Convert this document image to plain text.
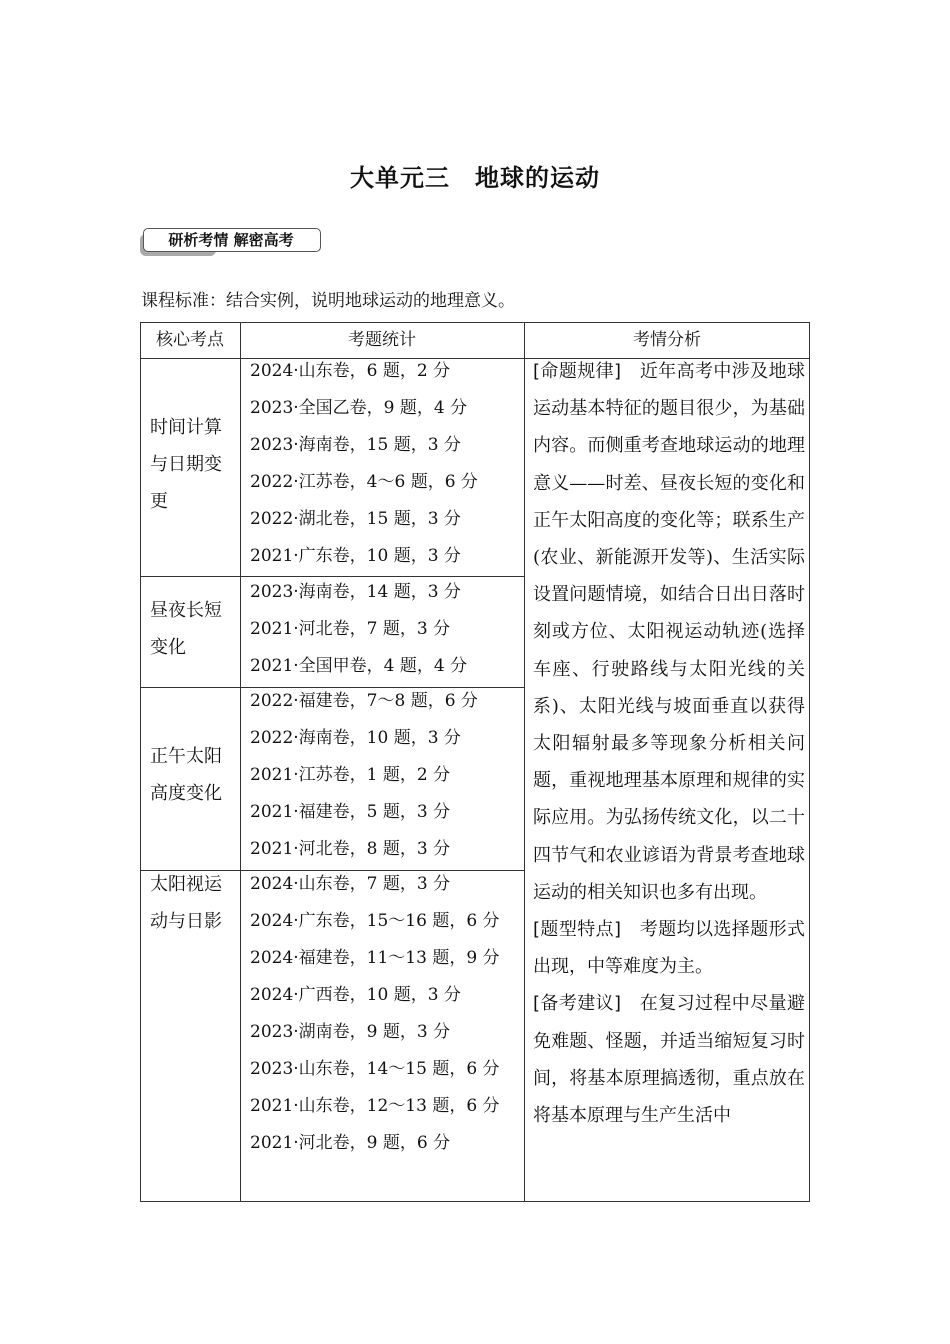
大单元三　地球的运动
研析考情 解密高考
课程标准：结合实例，说明地球运动的地理意义。
核心考点	考题统计	考情分析
时间计算与日期变更
2024·山东卷，6 题，2 分
2023·全国乙卷，9 题，4 分
2023·海南卷，15 题，3 分
2022·江苏卷，4～6 题，6 分
2022·湖北卷，15 题，3 分
2021·广东卷，10 题，3 分
昼夜长短变化
2023·海南卷，14 题，3 分
2021·河北卷，7 题，3 分
2021·全国甲卷，4 题，4 分
正午太阳高度变化
2022·福建卷，7～8 题，6 分
2022·海南卷，10 题，3 分
2021·江苏卷，1 题，2 分
2021·福建卷，5 题，3 分
2021·河北卷，8 题，3 分
太阳视运动与日影
2024·山东卷，7 题，3 分
2024·广东卷，15～16 题，6 分
2024·福建卷，11～13 题，9 分
2024·广西卷，10 题，3 分
2023·湖南卷，9 题，3 分
2023·山东卷，14～15 题，6 分
2021·山东卷，12～13 题，6 分
2021·河北卷，9 题，6 分
[命题规律]　近年高考中涉及地球运动基本特征的题目很少，为基础内容。而侧重考查地球运动的地理意义——时差、昼夜长短的变化和正午太阳高度的变化等；联系生产(农业、新能源开发等)、生活实际设置问题情境，如结合日出日落时刻或方位、太阳视运动轨迹(选择车座、行驶路线与太阳光线的关系)、太阳光线与坡面垂直以获得太阳辐射最多等现象分析相关问题，重视地理基本原理和规律的实际应用。为弘扬传统文化，以二十四节气和农业谚语为背景考查地球运动的相关知识也多有出现。
[题型特点]　考题均以选择题形式出现，中等难度为主。
[备考建议]　在复习过程中尽量避免难题、怪题，并适当缩短复习时间，将基本原理搞透彻，重点放在将基本原理与生产生活中
